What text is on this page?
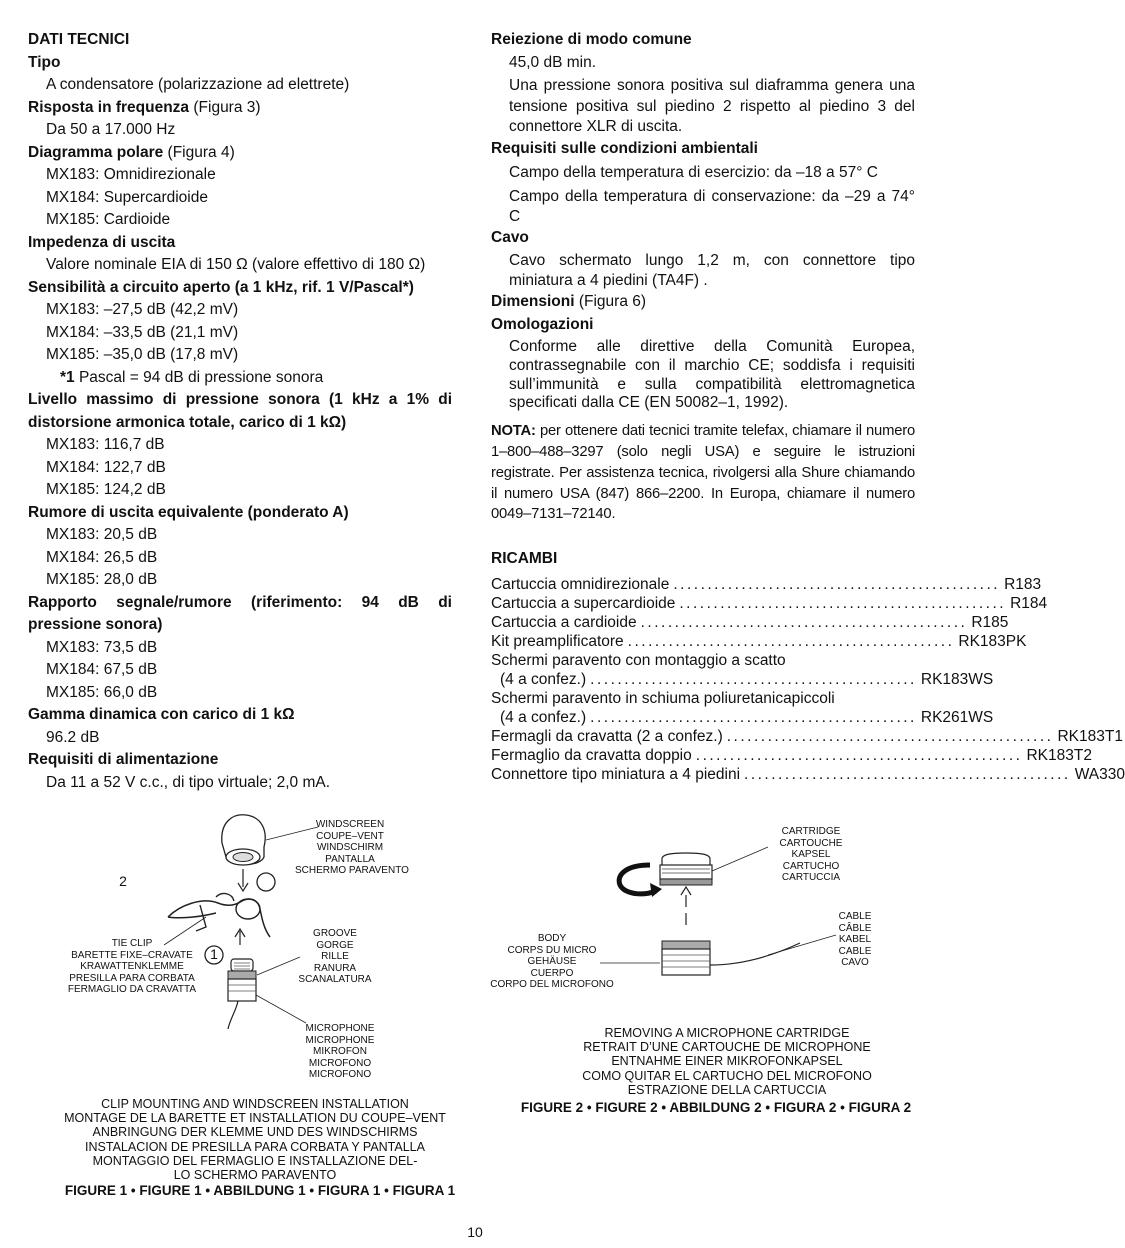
DATI TECNICI
Tipo
A condensatore (polarizzazione ad elettrete)
Risposta in frequenza (Figura 3)
Da 50 a 17.000 Hz
Diagramma polare (Figura 4)
MX183: Omnidirezionale
MX184: Supercardioide
MX185: Cardioide
Impedenza di uscita
Valore nominale EIA di 150 Ω (valore effettivo di 180 Ω)
Sensibilità a circuito aperto (a 1 kHz, rif. 1 V/Pascal*)
MX183: –27,5 dB (42,2 mV)
MX184: –33,5 dB (21,1 mV)
MX185: –35,0 dB (17,8 mV)
*1 Pascal = 94 dB di pressione sonora
Livello massimo di pressione sonora (1 kHz a 1% di distorsione armonica totale, carico di 1 kΩ)
MX183: 116,7 dB
MX184: 122,7 dB
MX185: 124,2 dB
Rumore di uscita equivalente (ponderato A)
MX183: 20,5 dB
MX184: 26,5 dB
MX185: 28,0 dB
Rapporto segnale/rumore (riferimento: 94 dB di pressione sonora)
MX183: 73,5 dB
MX184: 67,5 dB
MX185: 66,0 dB
Gamma dinamica con carico di 1 kΩ
96.2 dB
Requisiti di alimentazione
Da 11 a 52 V c.c., di tipo virtuale; 2,0 mA.
Reiezione di modo comune
45,0 dB min.
Una pressione sonora positiva sul diaframma genera una tensione positiva sul piedino 2 rispetto al piedino 3 del connettore XLR di uscita.
Requisiti sulle condizioni ambientali
Campo della temperatura di esercizio: da –18 a 57° C
Campo della temperatura di conservazione: da –29 a 74° C
Cavo
Cavo schermato lungo 1,2 m, con connettore tipo miniatura a 4 piedini (TA4F) .
Dimensioni (Figura 6)
Omologazioni
Conforme alle direttive della Comunità Europea, contrassegnabile con il marchio CE; soddisfa i requisiti sull’immunità e sulla compatibilità elettromagnetica specificati dalla CE (EN 50082–1, 1992).
NOTA: per ottenere dati tecnici tramite telefax, chiamare il numero 1–800–488–3297 (solo negli USA) e seguire le istruzioni registrate. Per assistenza tecnica, rivolgersi alla Shure chiamando il numero USA (847) 866–2200. In Europa, chiamare il numero 0049–7131–72140.
RICAMBI
Cartuccia omnidirezionale ................................................ R183
Cartuccia a supercardioide ................................................ R184
Cartuccia a cardioide ................................................ R185
Kit preamplificatore ................................................ RK183PK
Schermi paravento con montaggio a scatto
(4 a confez.) ................................................ RK183WS
Schermi paravento in schiuma poliuretanicapiccoli
(4 a confez.) ................................................ RK261WS
Fermagli da cravatta (2 a confez.) ................................................ RK183T1
Fermaglio da cravatta doppio ................................................ RK183T2
Connettore tipo miniatura a 4 piedini ................................................ WA330
2
1
WINDSCREEN
COUPE–VENT
WINDSCHIRM
PANTALLA
SCHERMO PARAVENTO
TIE CLIP
BARETTE FIXE–CRAVATE
KRAWATTENKLEMME
PRESILLA PARA CORBATA
FERMAGLIO DA CRAVATTA
GROOVE
GORGE
RILLE
RANURA
SCANALATURA
MICROPHONE
MICROPHONE
MIKROFON
MICROFONO
MICROFONO
CLIP MOUNTING AND WINDSCREEN INSTALLATION
MONTAGE DE LA BARETTE ET INSTALLATION DU COUPE–VENT
ANBRINGUNG DER KLEMME UND DES WINDSCHIRMS
INSTALACION DE PRESILLA PARA CORBATA Y PANTALLA
MONTAGGIO DEL FERMAGLIO E INSTALLAZIONE DEL-
LO SCHERMO PARAVENTO
FIGURE 1 • FIGURE 1 • ABBILDUNG 1 • FIGURA 1 • FIGURA 1
CARTRIDGE
CARTOUCHE
KAPSEL
CARTUCHO
CARTUCCIA
CABLE
CÂBLE
KABEL
CABLE
CAVO
BODY
CORPS DU MICRO
GEHÄUSE
CUERPO
CORPO DEL MICROFONO
REMOVING A MICROPHONE CARTRIDGE
RETRAIT D’UNE CARTOUCHE DE MICROPHONE
ENTNAHME EINER MIKROFONKAPSEL
COMO QUITAR EL CARTUCHO DEL MICROFONO
ESTRAZIONE DELLA CARTUCCIA
FIGURE 2 • FIGURE 2 • ABBILDUNG 2 • FIGURA 2 • FIGURA 2
10
